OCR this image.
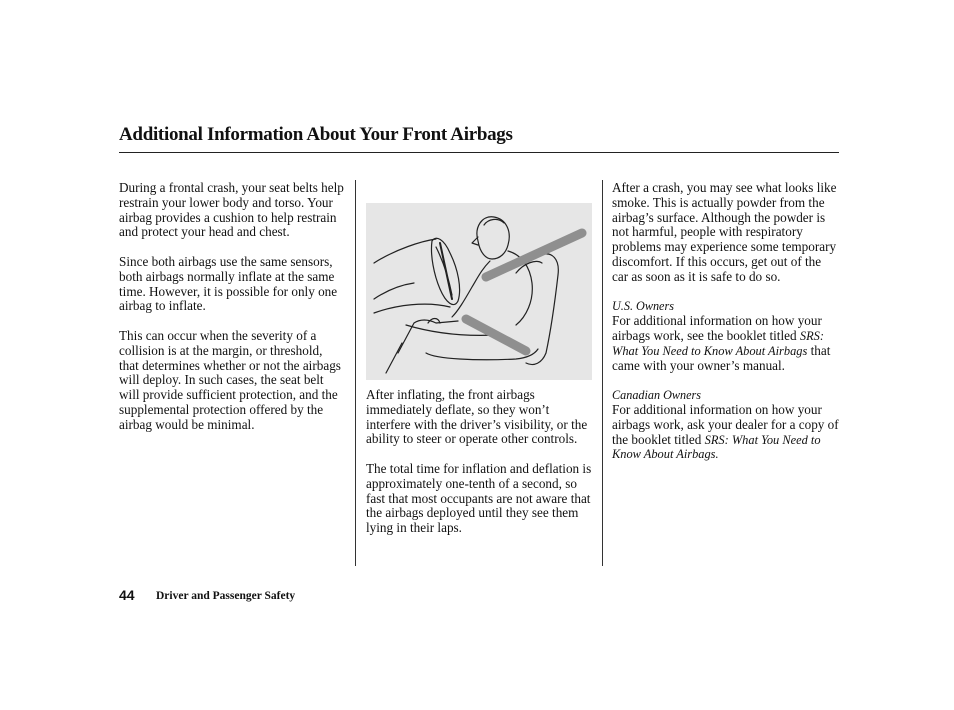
Additional Information About Your Front Airbags

During a frontal crash, your seat belts help restrain your lower body and torso. Your airbag provides a cushion to help restrain and protect your head and chest.

Since both airbags use the same sensors, both airbags normally inflate at the same time. However, it is possible for only one airbag to inflate.

This can occur when the severity of a collision is at the margin, or threshold, that determines whether or not the airbags will deploy. In such cases, the seat belt will provide sufficient protection, and the supplemental protection offered by the airbag would be minimal.

After inflating, the front airbags immediately deflate, so they won’t interfere with the driver’s visibility, or the ability to steer or operate other controls.

The total time for inflation and deflation is approximately one-tenth of a second, so fast that most occupants are not aware that the airbags deployed until they see them lying in their laps.

After a crash, you may see what looks like smoke. This is actually powder from the airbag’s surface. Although the powder is not harmful, people with respiratory problems may experience some temporary discomfort. If this occurs, get out of the car as soon as it is safe to do so.

U.S. Owners

For additional information on how your airbags work, see the booklet titled SRS: What You Need to Know About Airbags that came with your owner’s manual.

Canadian Owners

For additional information on how your airbags work, ask your dealer for a copy of the booklet titled SRS: What You Need to Know About Airbags.

44 Driver and Passenger Safety
